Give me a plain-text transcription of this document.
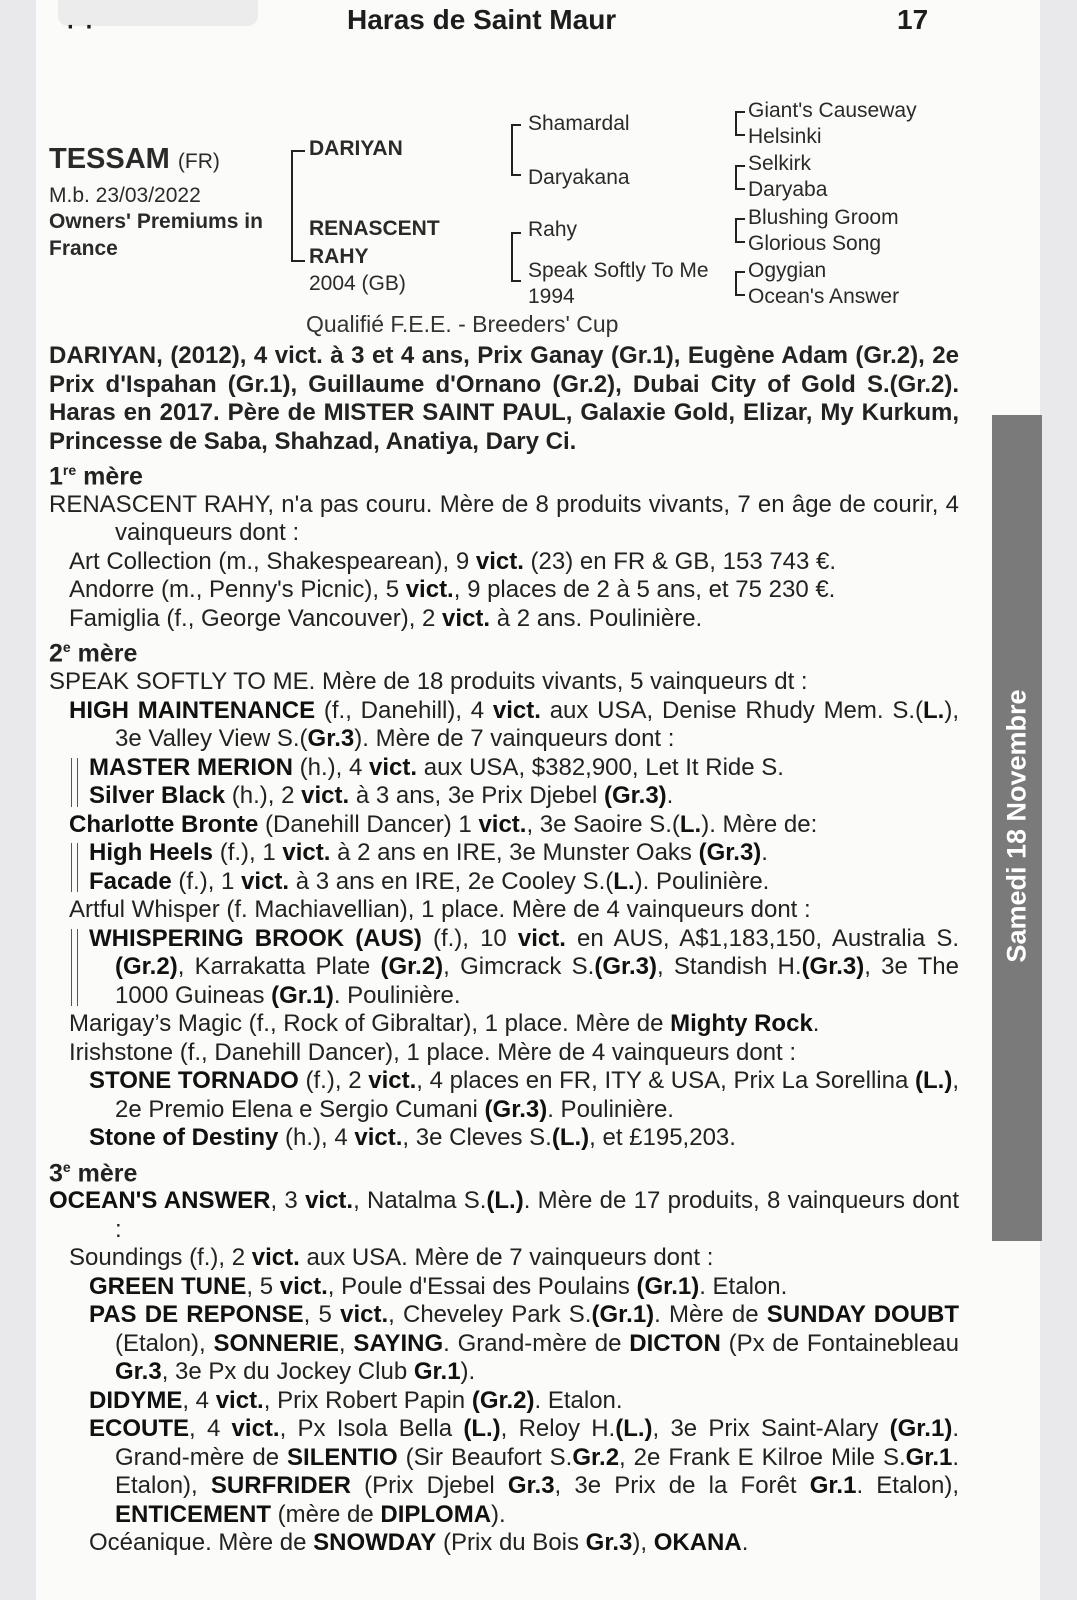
· ·	Haras de Saint Maur	17
TESSAM (FR)
M.b. 23/03/2022
Owners' Premiums in
France
DARIYAN
RENASCENT
RAHY
2004 (GB)
Shamardal
Daryakana
Rahy
Speak Softly To Me
1994
Giant's Causeway
Helsinki
Selkirk
Daryaba
Blushing Groom
Glorious Song
Ogygian
Ocean's Answer
Qualifié F.E.E. - Breeders' Cup
Samedi 18 Novembre

DARIYAN, (2012), 4 vict. à 3 et 4 ans, Prix Ganay (Gr.1), Eugène Adam (Gr.2), 2e Prix d'Ispahan (Gr.1), Guillaume d'Ornano (Gr.2), Dubai City of Gold S.(Gr.2). Haras en 2017. Père de MISTER SAINT PAUL, Galaxie Gold, Elizar, My Kurkum, Princesse de Saba, Shahzad, Anatiya, Dary Ci.

1re mère

RENASCENT RAHY, n'a pas couru. Mère de 8 produits vivants, 7 en âge de courir, 4 vainqueurs dont :

Art Collection (m., Shakespearean), 9 vict. (23) en FR & GB, 153 743 €.

Andorre (m., Penny's Picnic), 5 vict., 9 places de 2 à 5 ans, et 75 230 €.

Famiglia (f., George Vancouver), 2 vict. à 2 ans. Poulinière.

2e mère

SPEAK SOFTLY TO ME. Mère de 18 produits vivants, 5 vainqueurs dt :

HIGH MAINTENANCE (f., Danehill), 4 vict. aux USA, Denise Rhudy Mem. S.(L.), 3e Valley View S.(Gr.3). Mère de 7 vainqueurs dont :

MASTER MERION (h.), 4 vict. aux USA, $382,900, Let It Ride S.

Silver Black (h.), 2 vict. à 3 ans, 3e Prix Djebel (Gr.3).

Charlotte Bronte (Danehill Dancer) 1 vict., 3e Saoire S.(L.). Mère de:

High Heels (f.), 1 vict. à 2 ans en IRE, 3e Munster Oaks (Gr.3).

Facade (f.), 1 vict. à 3 ans en IRE, 2e Cooley S.(L.). Poulinière.

Artful Whisper (f. Machiavellian), 1 place. Mère de 4 vainqueurs dont :

WHISPERING BROOK (AUS) (f.), 10 vict. en AUS, A$1,183,150, Australia S.(Gr.2), Karrakatta Plate (Gr.2), Gimcrack S.(Gr.3), Standish H.(Gr.3), 3e The 1000 Guineas (Gr.1). Poulinière.

Marigay’s Magic (f., Rock of Gibraltar), 1 place. Mère de Mighty Rock.

Irishstone (f., Danehill Dancer), 1 place. Mère de 4 vainqueurs dont :

STONE TORNADO (f.), 2 vict., 4 places en FR, ITY & USA, Prix La Sorellina (L.), 2e Premio Elena e Sergio Cumani (Gr.3). Poulinière.

Stone of Destiny (h.), 4 vict., 3e Cleves S.(L.), et £195,203.

3e mère

OCEAN'S ANSWER, 3 vict., Natalma S.(L.). Mère de 17 produits, 8 vainqueurs dont :

Soundings (f.), 2 vict. aux USA. Mère de 7 vainqueurs dont :

GREEN TUNE, 5 vict., Poule d'Essai des Poulains (Gr.1). Etalon.

PAS DE REPONSE, 5 vict., Cheveley Park S.(Gr.1). Mère de SUNDAY DOUBT (Etalon), SONNERIE, SAYING. Grand-mère de DICTON (Px de Fontainebleau Gr.3, 3e Px du Jockey Club Gr.1).

DIDYME, 4 vict., Prix Robert Papin (Gr.2). Etalon.

ECOUTE, 4 vict., Px Isola Bella (L.), Reloy H.(L.), 3e Prix Saint-Alary (Gr.1). Grand-mère de SILENTIO (Sir Beaufort S.Gr.2, 2e Frank E Kilroe Mile S.Gr.1. Etalon), SURFRIDER (Prix Djebel Gr.3, 3e Prix de la Forêt Gr.1. Etalon), ENTICEMENT (mère de DIPLOMA).

Océanique. Mère de SNOWDAY (Prix du Bois Gr.3), OKANA.
